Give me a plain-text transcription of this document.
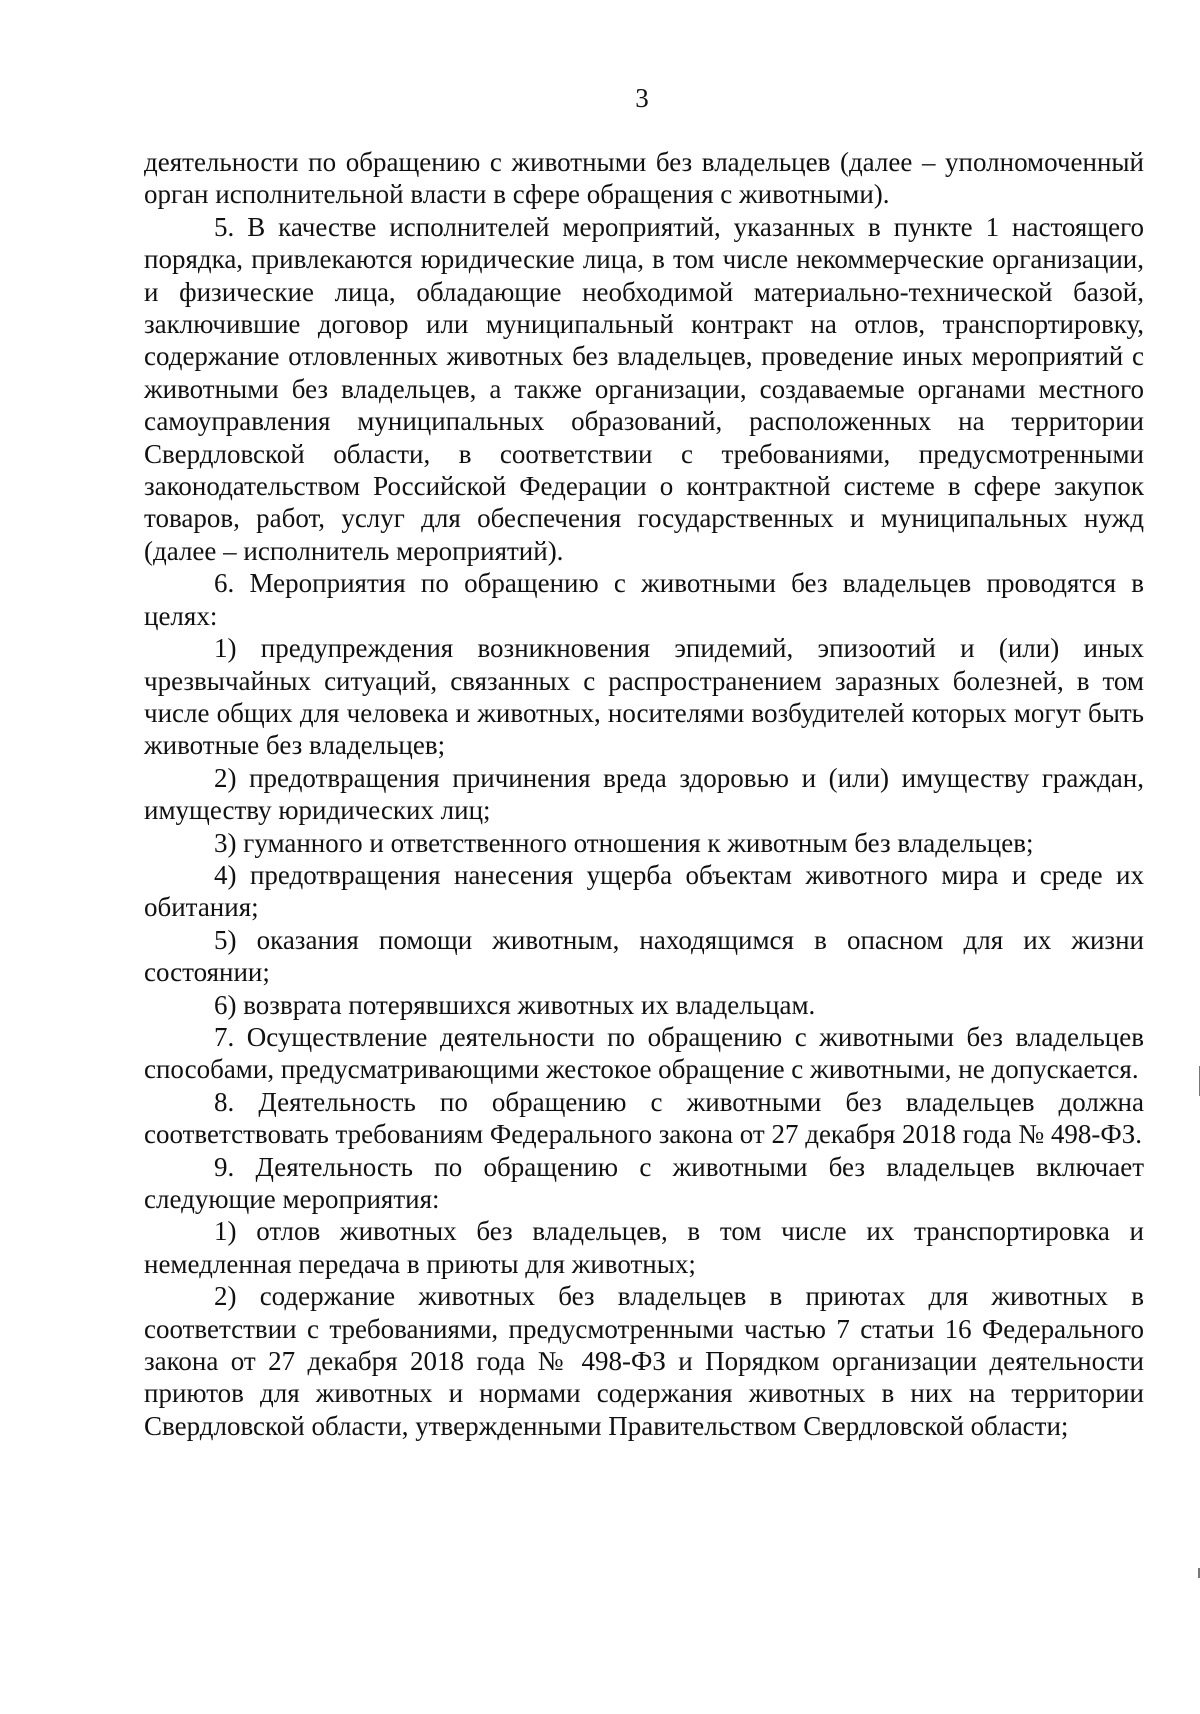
3

деятельности по обращению с животными без владельцев (далее – уполномоченный орган исполнительной власти в сфере обращения с животными).

5. В качестве исполнителей мероприятий, указанных в пункте 1 настоящего порядка, привлекаются юридические лица, в том числе некоммерческие организации, и физические лица, обладающие необходимой материально-технической базой, заключившие договор или муниципальный контракт на отлов, транспортировку, содержание отловленных животных без владельцев, проведение иных мероприятий с животными без владельцев, а также организации, создаваемые органами местного самоуправления муниципальных образований, расположенных на территории Свердловской области, в соответствии с требованиями, предусмотренными законодательством Российской Федерации о контрактной системе в сфере закупок товаров, работ, услуг для обеспечения государственных и муниципальных нужд (далее – исполнитель мероприятий).

6. Мероприятия по обращению с животными без владельцев проводятся в целях:

1) предупреждения возникновения эпидемий, эпизоотий и (или) иных чрезвычайных ситуаций, связанных с распространением заразных болезней, в том числе общих для человека и животных, носителями возбудителей которых могут быть животные без владельцев;

2) предотвращения причинения вреда здоровью и (или) имуществу граждан, имуществу юридических лиц;

3) гуманного и ответственного отношения к животным без владельцев;

4) предотвращения нанесения ущерба объектам животного мира и среде их обитания;

5) оказания помощи животным, находящимся в опасном для их жизни состоянии;

6) возврата потерявшихся животных их владельцам.

7. Осуществление деятельности по обращению с животными без владельцев способами, предусматривающими жестокое обращение с животными, не допускается.

8. Деятельность по обращению с животными без владельцев должна соответствовать требованиям Федерального закона от 27 декабря 2018 года № 498-ФЗ.

9. Деятельность по обращению с животными без владельцев включает следующие мероприятия:

1) отлов животных без владельцев, в том числе их транспортировка и немедленная передача в приюты для животных;

2) содержание животных без владельцев в приютах для животных в соответствии с требованиями, предусмотренными частью 7 статьи 16 Федерального закона от 27 декабря 2018 года № 498-ФЗ и Порядком организации деятельности приютов для животных и нормами содержания животных в них на территории Свердловской области, утвержденными Правительством Свердловской области;
